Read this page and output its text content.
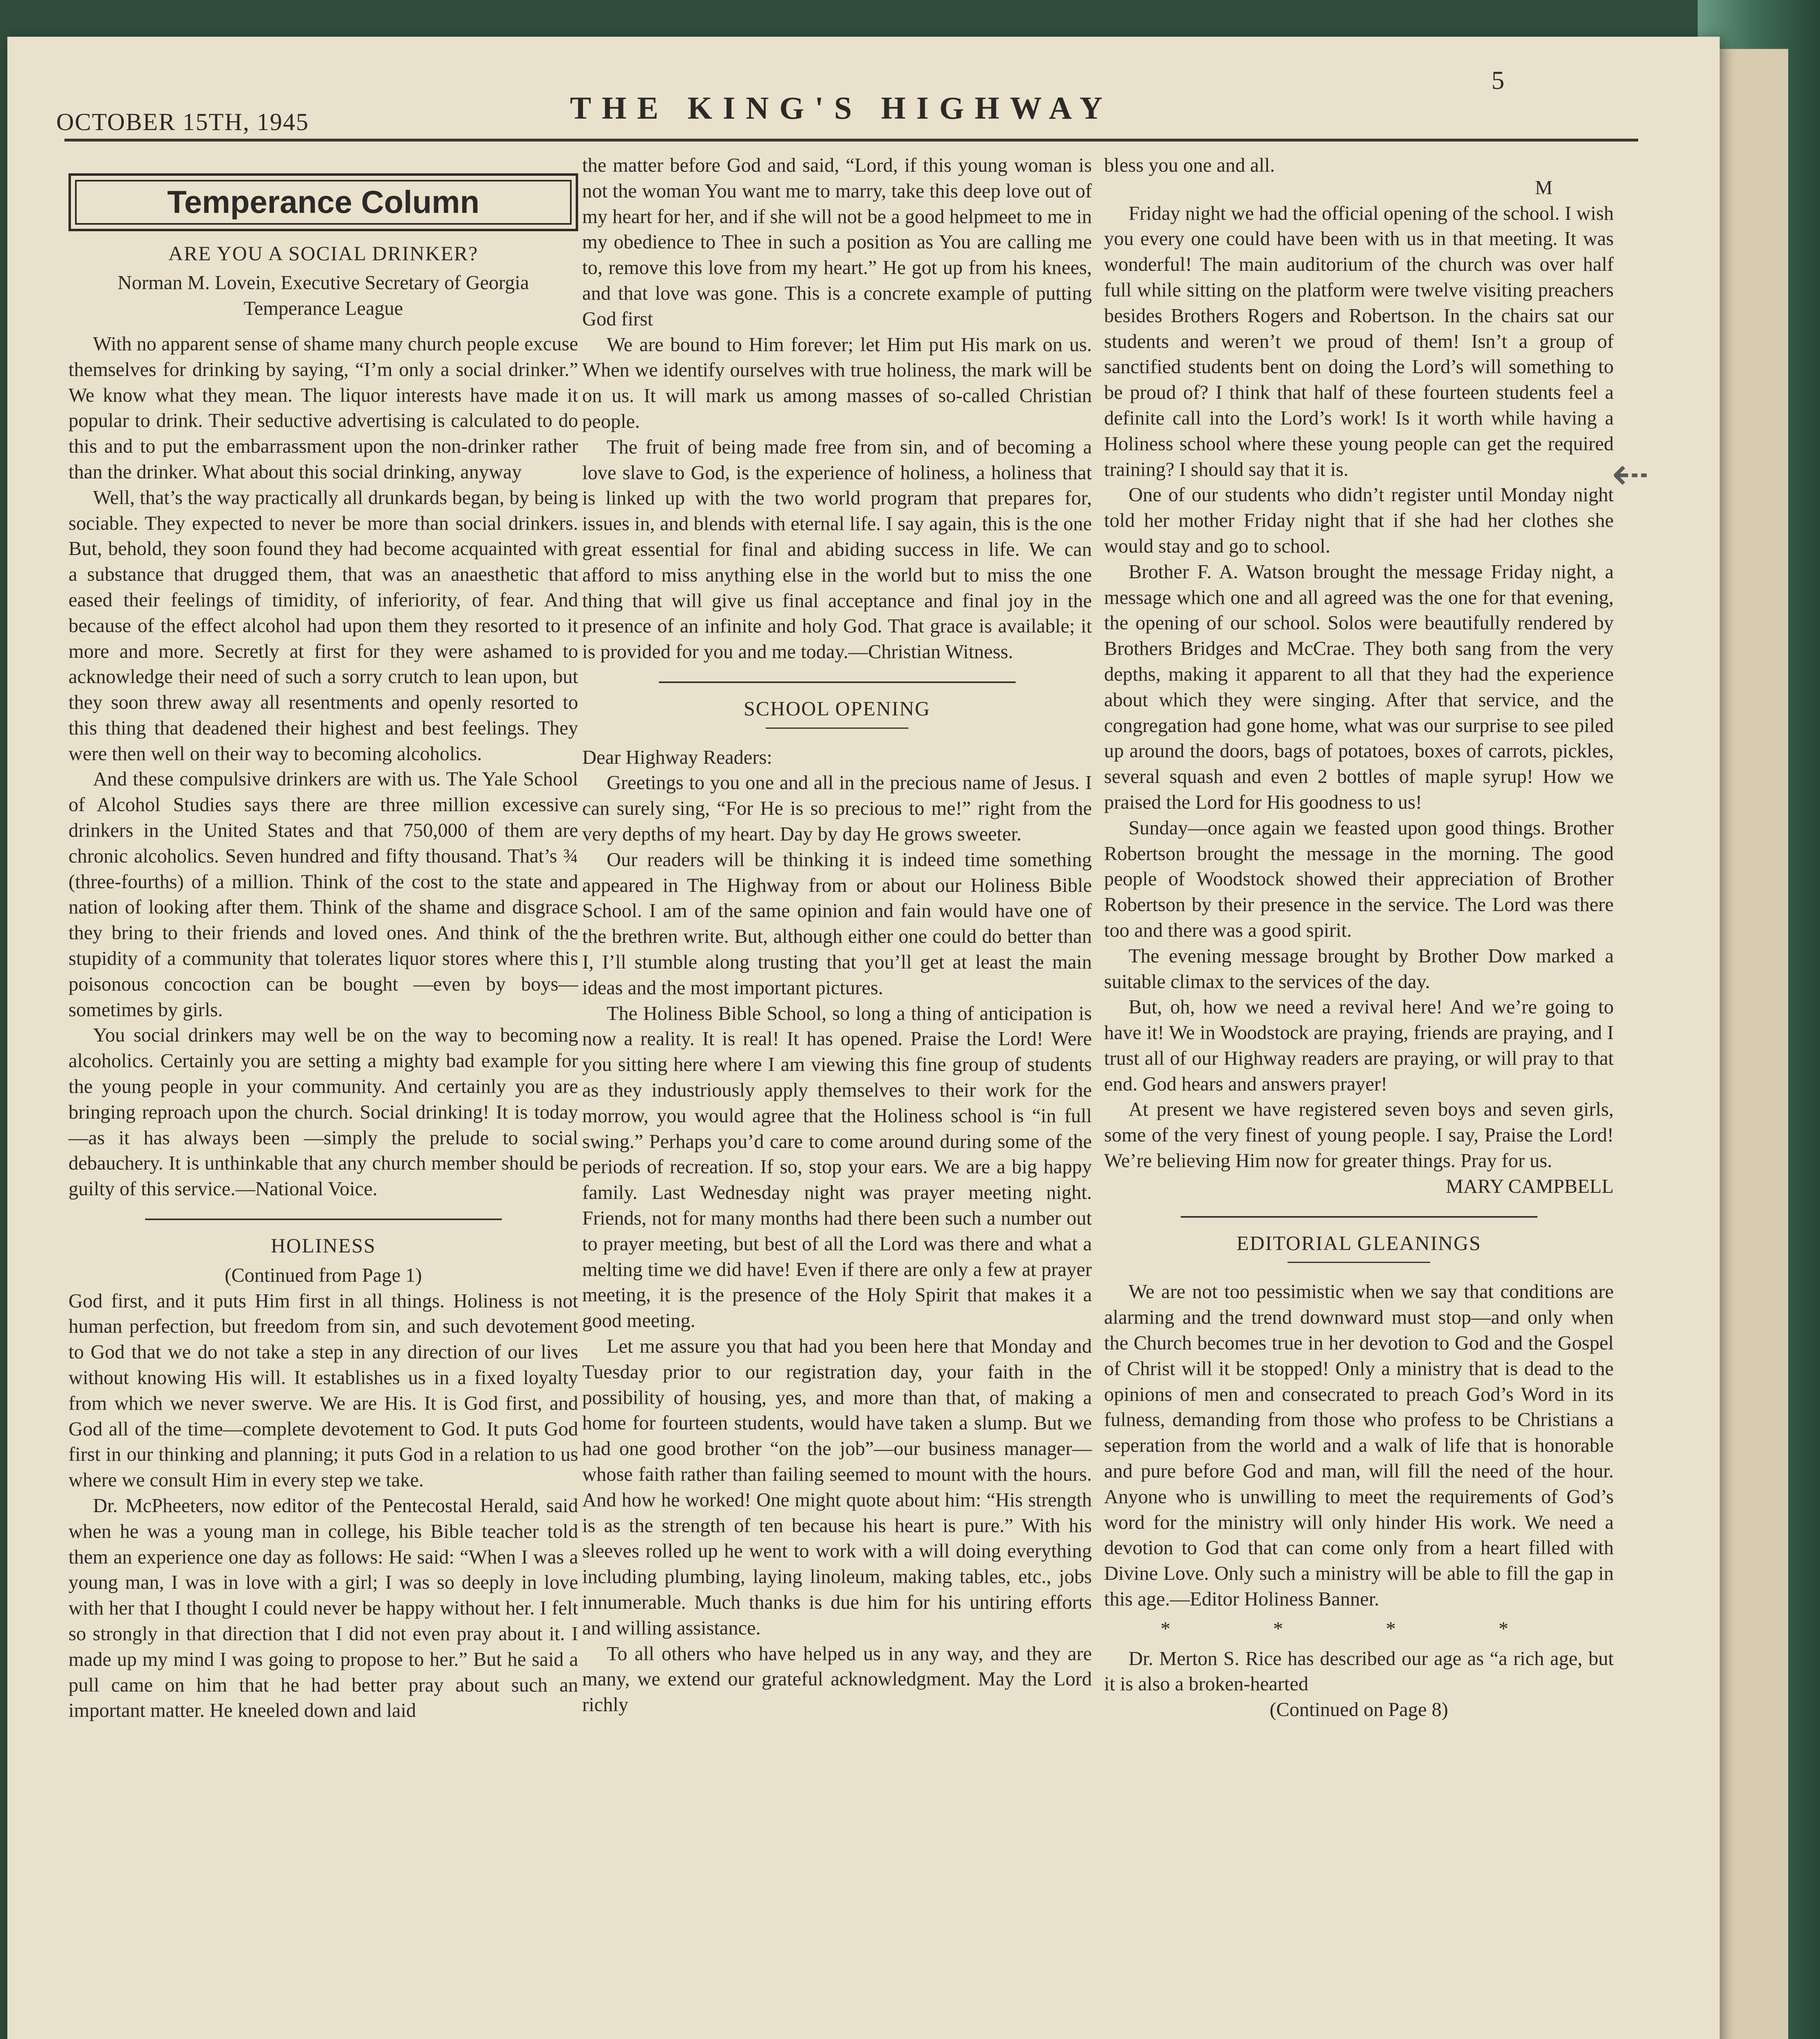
OCTOBER 15TH, 1945	THE KING'S HIGHWAY
5
Temperance Column
ARE YOU A SOCIAL DRINKER?
Norman M. Lovein, Executive Secretary of Georgia Temperance League

With no apparent sense of shame many church people excuse themselves for drinking by saying, “I’m only a social drinker.” We know what they mean. The liquor interests have made it popular to drink. Their seductive advertising is calculated to do this and to put the embarrassment upon the non-drinker rather than the drinker. What about this social drinking, anyway

Well, that’s the way practically all drunkards began, by being sociable. They expected to never be more than social drinkers. But, behold, they soon found they had become acquainted with a substance that drugged them, that was an anaesthetic that eased their feelings of timidity, of inferiority, of fear. And because of the effect alcohol had upon them they resorted to it more and more. Secretly at first for they were ashamed to acknowledge their need of such a sorry crutch to lean upon, but they soon threw away all resentments and openly resorted to this thing that deadened their highest and best feelings. They were then well on their way to becoming alcoholics.

And these compulsive drinkers are with us. The Yale School of Alcohol Studies says there are three million excessive drinkers in the United States and that 750,000 of them are chronic alcoholics. Seven hundred and fifty thousand. That’s ¾ (three-fourths) of a million. Think of the cost to the state and nation of looking after them. Think of the shame and disgrace they bring to their friends and loved ones. And think of the stupidity of a community that tolerates liquor stores where this poisonous concoction can be bought —even by boys—sometimes by girls.

You social drinkers may well be on the way to becoming alcoholics. Certainly you are setting a mighty bad example for the young people in your community. And certainly you are bringing reproach upon the church. Social drinking! It is today—as it has always been —simply the prelude to social debauchery. It is unthinkable that any church member should be guilty of this service.—National Voice.

HOLINESS
(Continued from Page 1)

God first, and it puts Him first in all things. Holiness is not human perfection, but freedom from sin, and such devotement to God that we do not take a step in any direction of our lives without knowing His will. It establishes us in a fixed loyalty from which we never swerve. We are His. It is God first, and God all of the time—complete devotement to God. It puts God first in our thinking and planning; it puts God in a relation to us where we consult Him in every step we take.

Dr. McPheeters, now editor of the Pentecostal Herald, said when he was a young man in college, his Bible teacher told them an experience one day as follows: He said: “When I was a young man, I was in love with a girl; I was so deeply in love with her that I thought I could never be happy without her. I felt so strongly in that direction that I did not even pray about it. I made up my mind I was going to propose to her.” But he said a pull came on him that he had better pray about such an important matter. He kneeled down and laid

the matter before God and said, “Lord, if this young woman is not the woman You want me to marry, take this deep love out of my heart for her, and if she will not be a good helpmeet to me in my obedience to Thee in such a position as You are calling me to, remove this love from my heart.” He got up from his knees, and that love was gone. This is a concrete example of putting God first

We are bound to Him forever; let Him put His mark on us. When we identify ourselves with true holiness, the mark will be on us. It will mark us among masses of so-called Christian people.

The fruit of being made free from sin, and of becoming a love slave to God, is the experience of holiness, a holiness that is linked up with the two world program that prepares for, issues in, and blends with eternal life. I say again, this is the one great essential for final and abiding success in life. We can afford to miss anything else in the world but to miss the one thing that will give us final acceptance and final joy in the presence of an infinite and holy God. That grace is available; it is provided for you and me today.—Christian Witness.

SCHOOL OPENING

Dear Highway Readers:

Greetings to you one and all in the precious name of Jesus. I can surely sing, “For He is so precious to me!” right from the very depths of my heart. Day by day He grows sweeter.

Our readers will be thinking it is indeed time something appeared in The Highway from or about our Holiness Bible School. I am of the same opinion and fain would have one of the brethren write. But, although either one could do better than I, I’ll stumble along trusting that you’ll get at least the main ideas and the most important pictures.

The Holiness Bible School, so long a thing of anticipation is now a reality. It is real! It has opened. Praise the Lord! Were you sitting here where I am viewing this fine group of students as they industriously apply themselves to their work for the morrow, you would agree that the Holiness school is “in full swing.” Perhaps you’d care to come around during some of the periods of recreation. If so, stop your ears. We are a big happy family. Last Wednesday night was prayer meeting night. Friends, not for many months had there been such a number out to prayer meeting, but best of all the Lord was there and what a melting time we did have! Even if there are only a few at prayer meeting, it is the presence of the Holy Spirit that makes it a good meeting.

Let me assure you that had you been here that Monday and Tuesday prior to our registration day, your faith in the possibility of housing, yes, and more than that, of making a home for fourteen students, would have taken a slump. But we had one good brother “on the job”—our business manager—whose faith rather than failing seemed to mount with the hours. And how he worked! One might quote about him: “His strength is as the strength of ten because his heart is pure.” With his sleeves rolled up he went to work with a will doing everything including plumbing, laying linoleum, making tables, etc., jobs innumerable. Much thanks is due him for his untiring efforts and willing assistance.

To all others who have helped us in any way, and they are many, we extend our grateful acknowledgment. May the Lord richly

bless you one and all.

M

Friday night we had the official opening of the school. I wish you every one could have been with us in that meeting. It was wonderful! The main auditorium of the church was over half full while sitting on the platform were twelve visiting preachers besides Brothers Rogers and Robertson. In the chairs sat our students and weren’t we proud of them! Isn’t a group of sanctified students bent on doing the Lord’s will something to be proud of? I think that half of these fourteen students feel a definite call into the Lord’s work! Is it worth while having a Holiness school where these young people can get the required training? I should say that it is.

One of our students who didn’t register until Monday night told her mother Friday night that if she had her clothes she would stay and go to school.

Brother F. A. Watson brought the message Friday night, a message which one and all agreed was the one for that evening, the opening of our school. Solos were beautifully rendered by Brothers Bridges and McCrae. They both sang from the very depths, making it apparent to all that they had the experience about which they were singing. After that service, and the congregation had gone home, what was our surprise to see piled up around the doors, bags of potatoes, boxes of carrots, pickles, several squash and even 2 bottles of maple syrup! How we praised the Lord for His goodness to us!

Sunday—once again we feasted upon good things. Brother Robertson brought the message in the morning. The good people of Woodstock showed their appreciation of Brother Robertson by their presence in the service. The Lord was there too and there was a good spirit.

The evening message brought by Brother Dow marked a suitable climax to the services of the day.

But, oh, how we need a revival here! And we’re going to have it! We in Woodstock are praying, friends are praying, and I trust all of our Highway readers are praying, or will pray to that end. God hears and answers prayer!

At present we have registered seven boys and seven girls, some of the very finest of young people. I say, Praise the Lord! We’re believing Him now for greater things. Pray for us.

MARY CAMPBELL
EDITORIAL GLEANINGS

We are not too pessimistic when we say that conditions are alarming and the trend downward must stop—and only when the Church becomes true in her devotion to God and the Gospel of Christ will it be stopped! Only a ministry that is dead to the opinions of men and consecrated to preach God’s Word in its fulness, demanding from those who profess to be Christians a seperation from the world and a walk of life that is honorable and pure before God and man, will fill the need of the hour. Anyone who is unwilling to meet the requirements of God’s word for the ministry will only hinder His work. We need a devotion to God that can come only from a heart filled with Divine Love. Only such a ministry will be able to fill the gap in this age.—Editor Holiness Banner.

* * * *

Dr. Merton S. Rice has described our age as “a rich age, but it is also a broken-hearted

(Continued on Page 8)
⇠
